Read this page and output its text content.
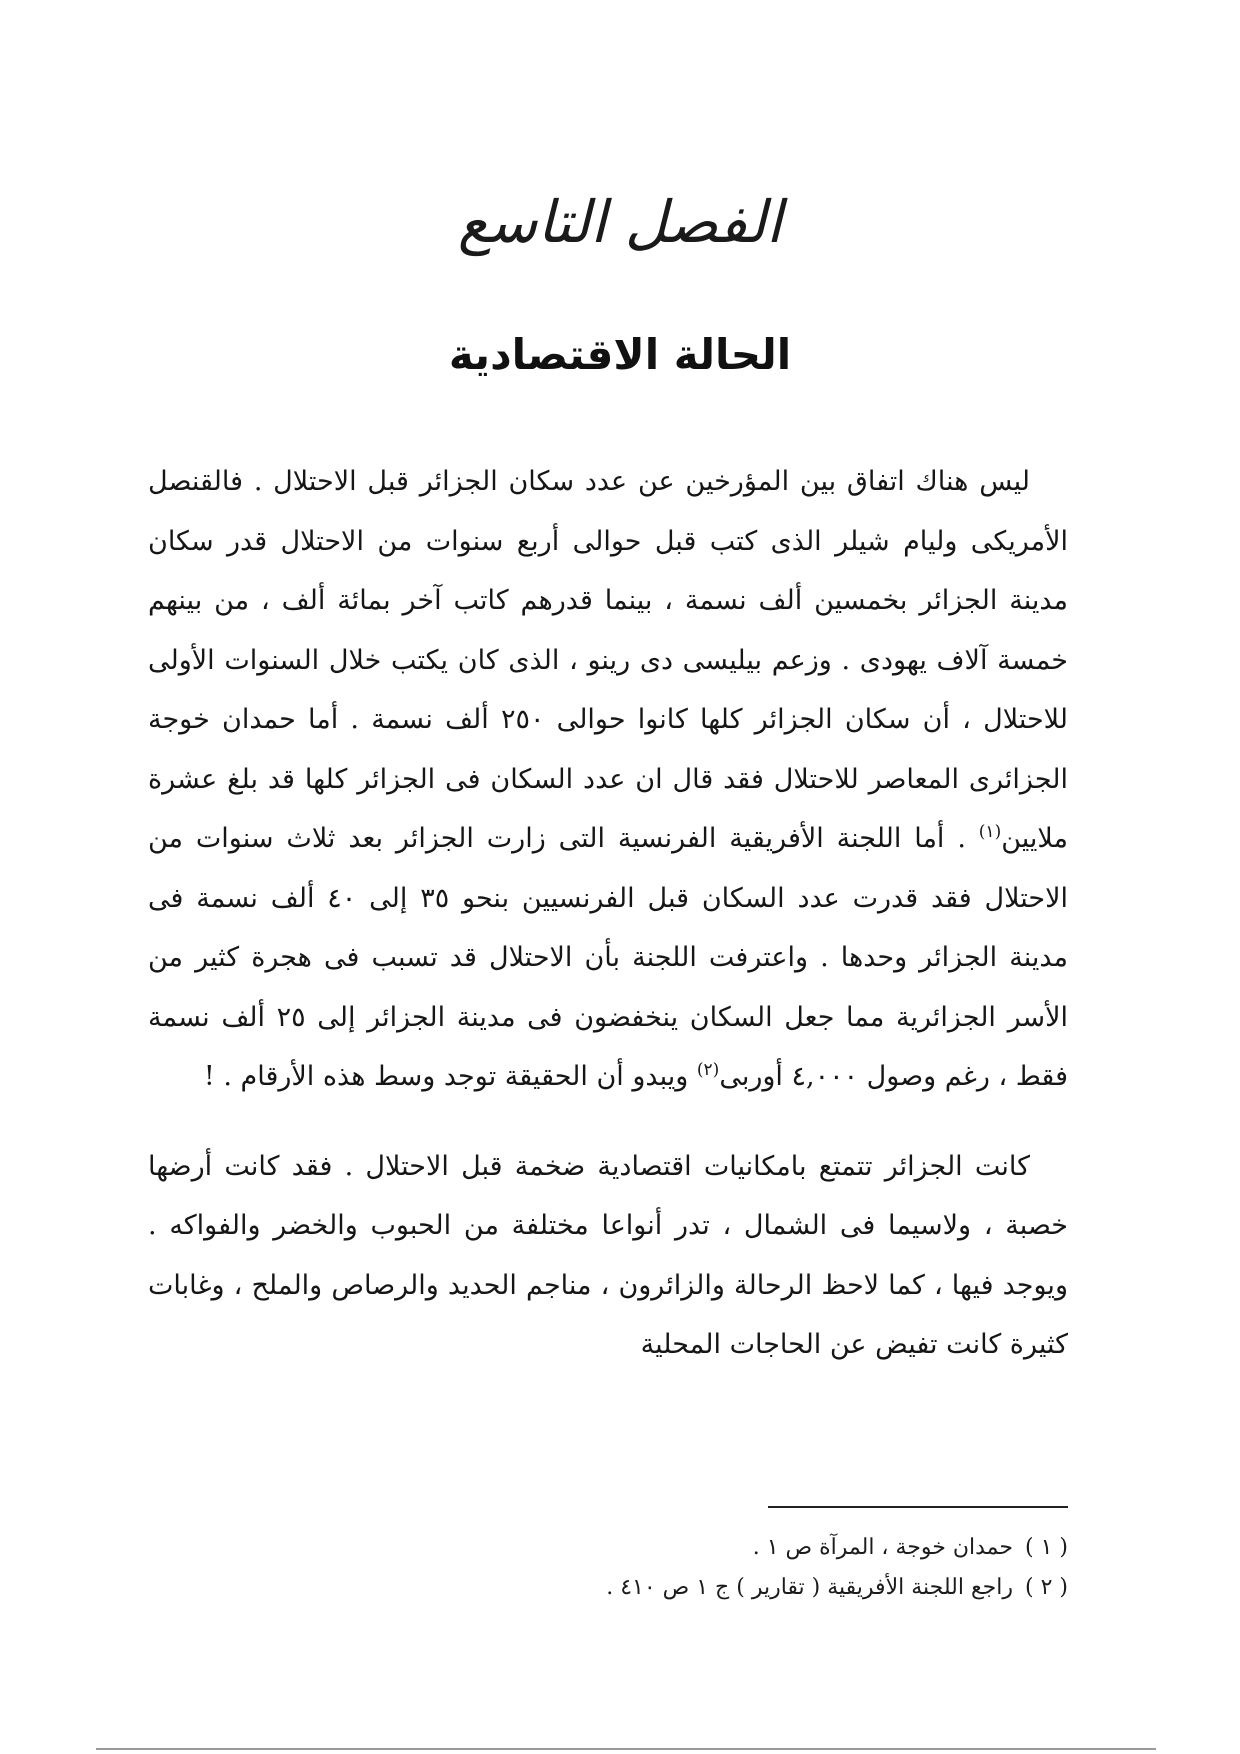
الفصل التاسع
الحالة الاقتصادية

ليس هناك اتفاق بين المؤرخين عن عدد سكان الجزائر قبل الاحتلال . فالقنصل الأمريكى وليام شيلر الذى كتب قبل حوالى أربع سنوات من الاحتلال قدر سكان مدينة الجزائر بخمسين ألف نسمة ، بينما قدرهم كاتب آخر بمائة ألف ، من بينهم خمسة آلاف يهودى . وزعم بيليسى دى رينو ، الذى كان يكتب خلال السنوات الأولى للاحتلال ، أن سكان الجزائر كلها كانوا حوالى ٢٥٠ ألف نسمة . أما حمدان خوجة الجزائرى المعاصر للاحتلال فقد قال ان عدد السكان فى الجزائر كلها قد بلغ عشرة ملايين$^{(١)}$ . أما اللجنة الأفريقية الفرنسية التى زارت الجزائر بعد ثلاث سنوات من الاحتلال فقد قدرت عدد السكان قبل الفرنسيين بنحو ٣٥ إلى ٤٠ ألف نسمة فى مدينة الجزائر وحدها . واعترفت اللجنة بأن الاحتلال قد تسبب فى هجرة كثير من الأسر الجزائرية مما جعل السكان ينخفضون فى مدينة الجزائر إلى ٢٥ ألف نسمة فقط ، رغم وصول ٤,٠٠٠ أوربى$^{(٢)}$ ويبدو أن الحقيقة توجد وسط هذه الأرقام . !

كانت الجزائر تتمتع بامكانيات اقتصادية ضخمة قبل الاحتلال . فقد كانت أرضها خصبة ، ولاسيما فى الشمال ، تدر أنواعا مختلفة من الحبوب والخضر والفواكه . ويوجد فيها ، كما لاحظ الرحالة والزائرون ، مناجم الحديد والرصاص والملح ، وغابات كثيرة كانت تفيض عن الحاجات المحلية

( ١ )حمدان خوجة ، المرآة ص ١ .
( ٢ )راجع اللجنة الأفريقية ( تقارير ) ج ١ ص ٤١٠ .
